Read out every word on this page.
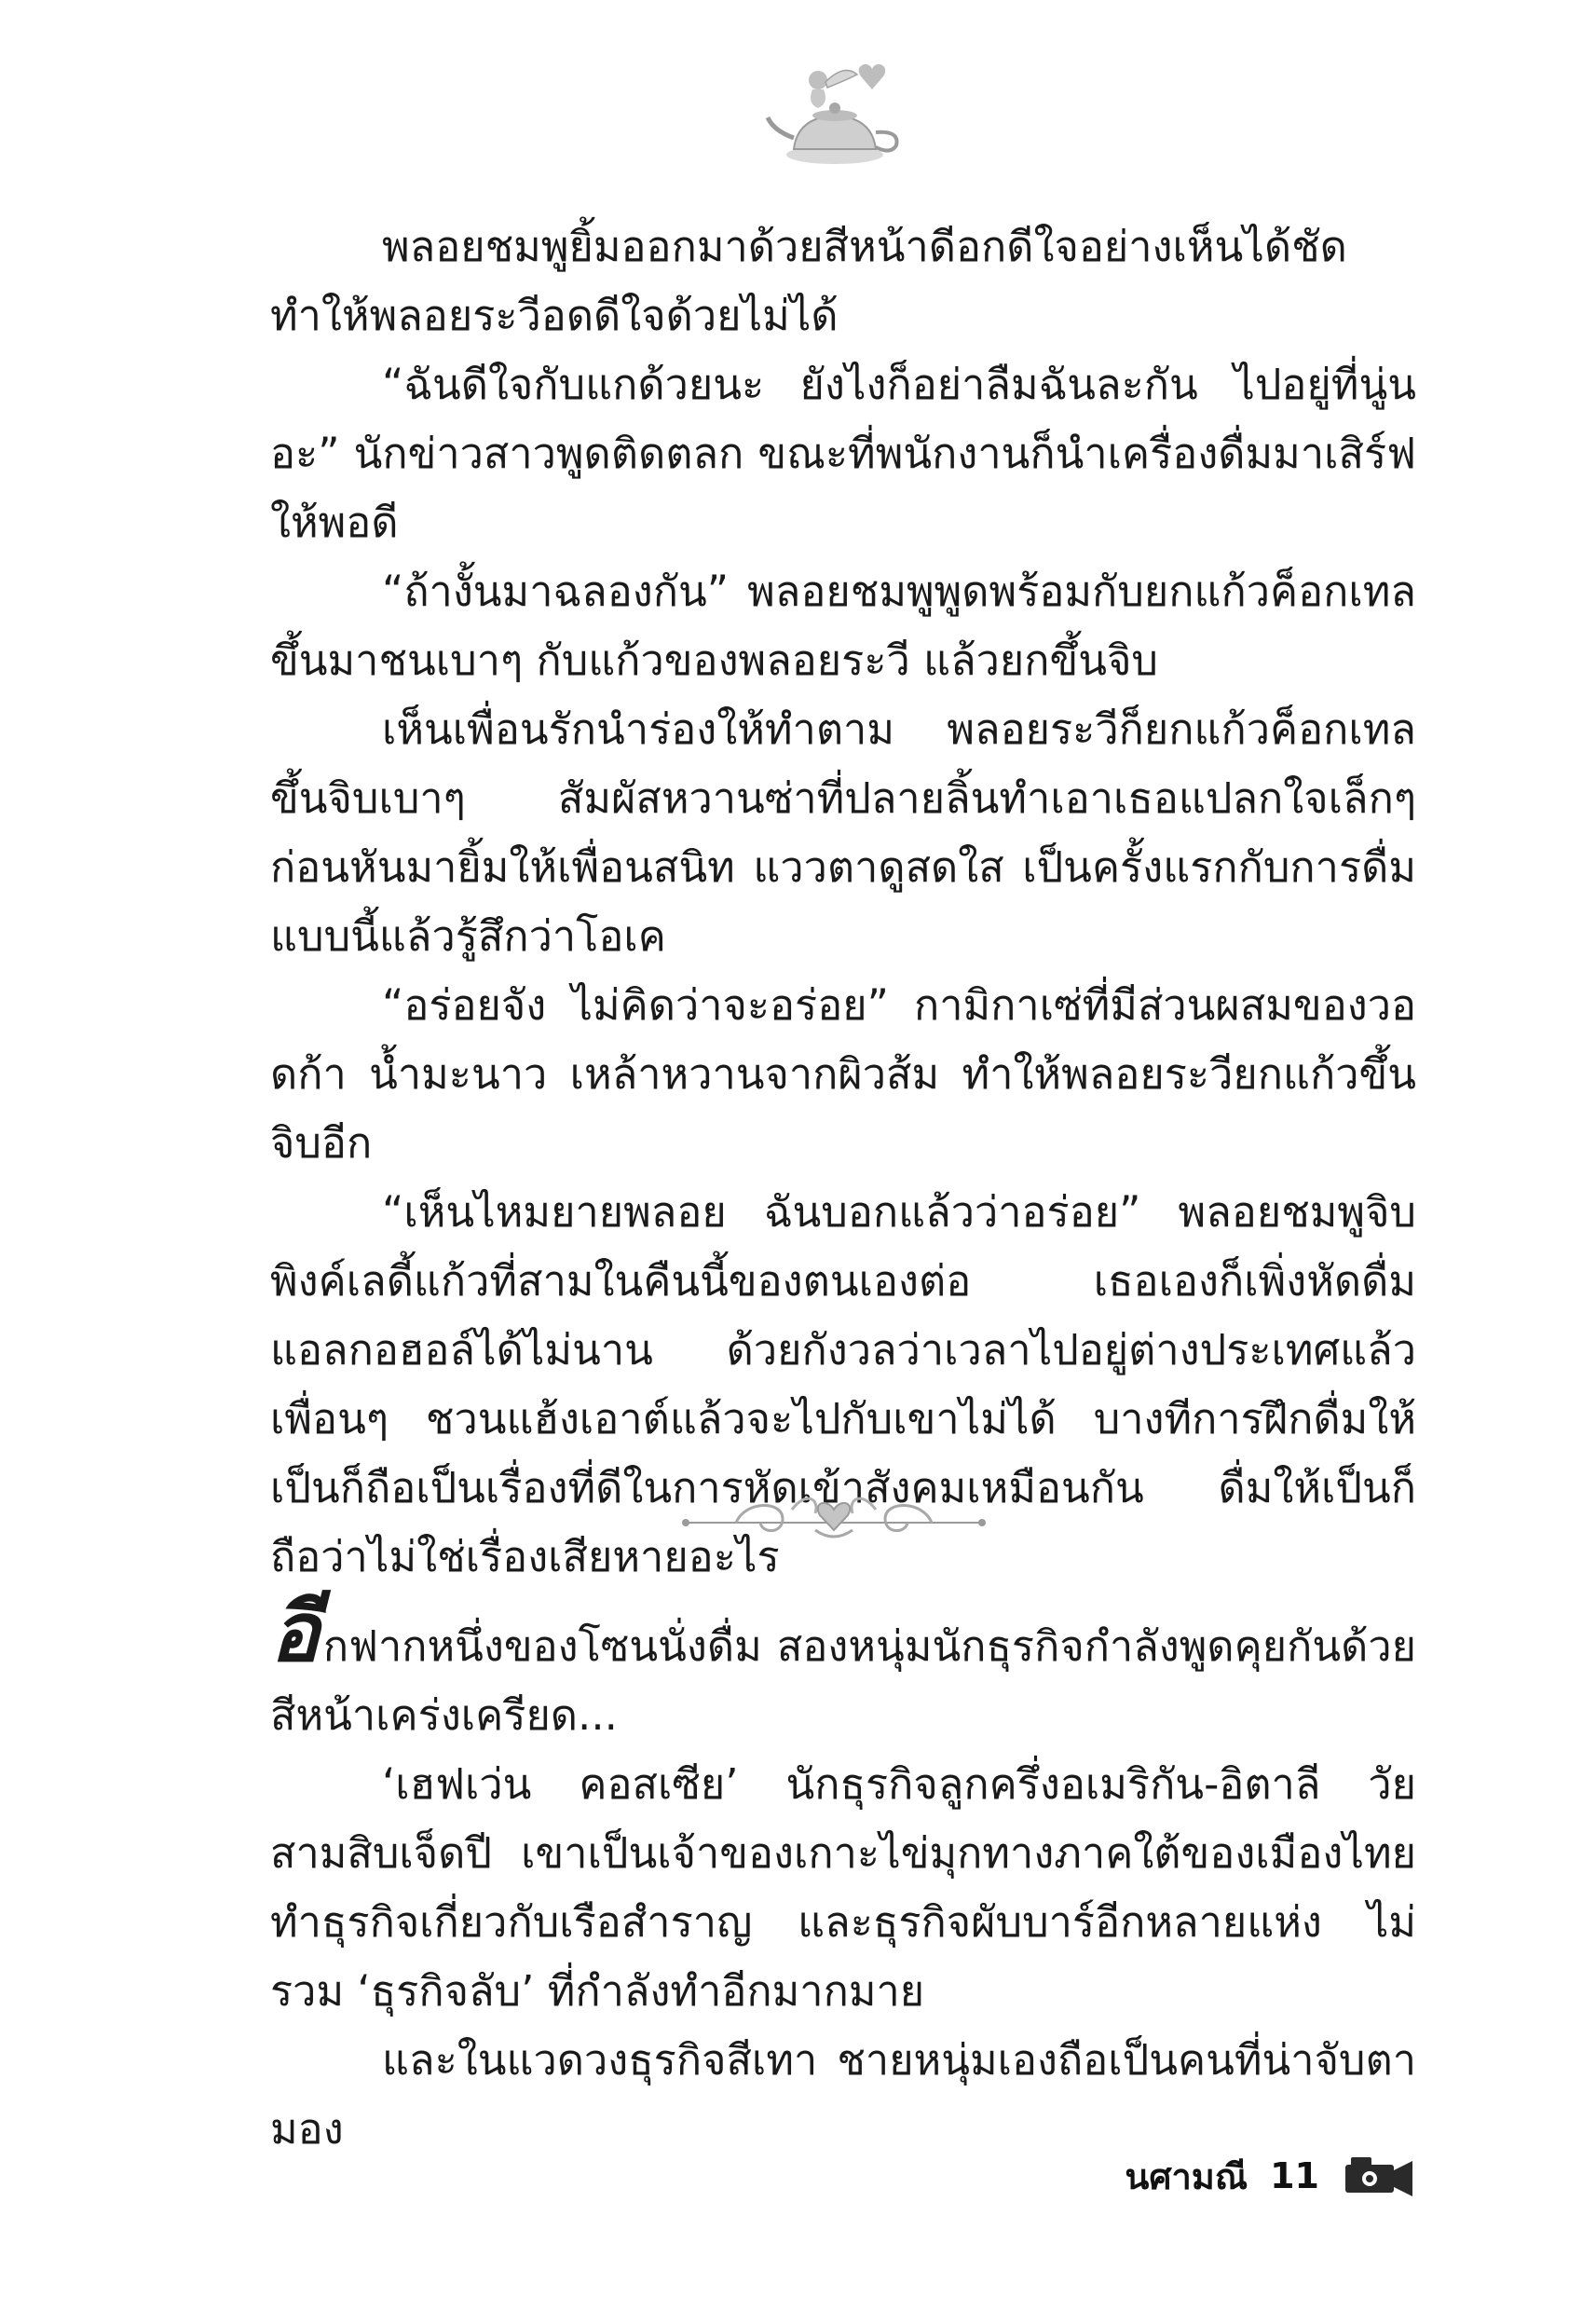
พลอยชมพูยิ้มออกมาด้วยสีหน้าดีอกดีใจอย่างเห็นได้ชัด ทำให้พลอยระวีอดดีใจด้วยไม่ได้

“ฉันดีใจกับแกด้วยนะ ยังไงก็อย่าลืมฉันละกัน ไปอยู่ที่นู่นอะ” นักข่าวสาวพูดติดตลก ขณะที่พนักงานก็นำเครื่องดื่มมาเสิร์ฟให้พอดี

“ถ้างั้นมาฉลองกัน” พลอยชมพูพูดพร้อมกับยกแก้วค็อกเทลขึ้นมาชนเบาๆ กับแก้วของพลอยระวี แล้วยกขึ้นจิบ

เห็นเพื่อนรักนำร่องให้ทำตาม พลอยระวีก็ยกแก้วค็อกเทลขึ้นจิบเบาๆ สัมผัสหวานซ่าที่ปลายลิ้นทำเอาเธอแปลกใจเล็กๆ ก่อนหันมายิ้มให้เพื่อนสนิท แววตาดูสดใส เป็นครั้งแรกกับการดื่มแบบนี้แล้วรู้สึกว่าโอเค

“อร่อยจัง ไม่คิดว่าจะอร่อย” กามิกาเซ่ที่มีส่วนผสมของวอดก้า น้ำมะนาว เหล้าหวานจากผิวส้ม ทำให้พลอยระวียกแก้วขึ้นจิบอีก

“เห็นไหมยายพลอย ฉันบอกแล้วว่าอร่อย” พลอยชมพูจิบพิงค์เลดี้แก้วที่สามในคืนนี้ของตนเองต่อ เธอเองก็เพิ่งหัดดื่มแอลกอฮอล์ได้ไม่นาน ด้วยกังวลว่าเวลาไปอยู่ต่างประเทศแล้วเพื่อนๆ ชวนแฮ้งเอาต์แล้วจะไปกับเขาไม่ได้ บางทีการฝึกดื่มให้เป็นก็ถือเป็นเรื่องที่ดีในการหัดเข้าสังคมเหมือนกัน ดื่มให้เป็นก็ถือว่าไม่ใช่เรื่องเสียหายอะไร

อีกฟากหนึ่งของโซนนั่งดื่ม สองหนุ่มนักธุรกิจกำลังพูดคุยกันด้วยสีหน้าเคร่งเครียด...

‘เฮฟเว่น คอสเซีย’ นักธุรกิจลูกครึ่งอเมริกัน-อิตาลี วัยสามสิบเจ็ดปี เขาเป็นเจ้าของเกาะไข่มุกทางภาคใต้ของเมืองไทย ทำธุรกิจเกี่ยวกับเรือสำราญ และธุรกิจผับบาร์อีกหลายแห่ง ไม่รวม ‘ธุรกิจลับ’ ที่กำลังทำอีกมากมาย

และในแวดวงธุรกิจสีเทา ชายหนุ่มเองถือเป็นคนที่น่าจับตามอง

นศามณี 11
